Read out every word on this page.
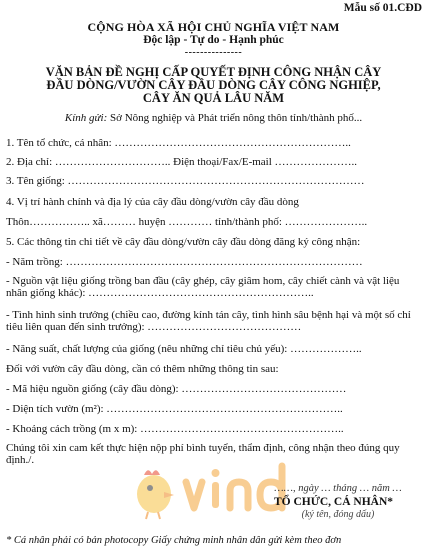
Mẫu số 01.CĐD
CỘNG HÒA XÃ HỘI CHỦ NGHĨA VIỆT NAM
Độc lập - Tự do - Hạnh phúc
---------------
VĂN BẢN ĐỀ NGHỊ CẤP QUYẾT ĐỊNH CÔNG NHẬN CÂY ĐẦU DÒNG/VƯỜN CÂY ĐẦU DÒNG CÂY CÔNG NGHIỆP, CÂY ĂN QUẢ LÂU NĂM
Kính gửi: Sở Nông nghiệp và Phát triển nông thôn tỉnh/thành phố...
1. Tên tổ chức, cá nhân: ………………………………………………………..
2. Địa chỉ: ………………………….. Điện thoại/Fax/E-mail …………………..
3. Tên giống: ………………………………………………………………………
4. Vị trí hành chính và địa lý của cây đầu dòng/vườn cây đầu dòng
Thôn…………….. xã……… huyện ………… tỉnh/thành phố: …………………..
5. Các thông tin chi tiết về cây đầu dòng/vườn cây đầu dòng đăng ký công nhận:
- Năm trồng: ………………………………………………………………………
- Nguồn vật liệu giống trồng ban đầu (cây ghép, cây giâm hom, cây chiết cành và vật liệu nhân giống khác): ……………………………………………………..
- Tình hình sinh trưởng (chiều cao, đường kính tán cây, tình hình sâu bệnh hại và một số chỉ tiêu liên quan đến sinh trưởng): ……………………………………
- Năng suất, chất lượng của giống (nêu những chỉ tiêu chủ yếu): ………………..
Đối với vườn cây đầu dòng, cần có thêm những thông tin sau:
- Mã hiệu nguồn giống (cây đầu dòng): ………………………………………
- Diện tích vườn (m²): ………………………………………………………..
- Khoảng cách trồng (m x m): ………………………………………………..
Chúng tôi xin cam kết thực hiện nộp phí bình tuyển, thẩm định, công nhận theo đúng quy định./.
……, ngày … tháng … năm …
TỔ CHỨC, CÁ NHÂN*
(ký tên, đóng dấu)
* Cá nhân phải có bản photocopy Giấy chứng minh nhân dân gửi kèm theo đơn
